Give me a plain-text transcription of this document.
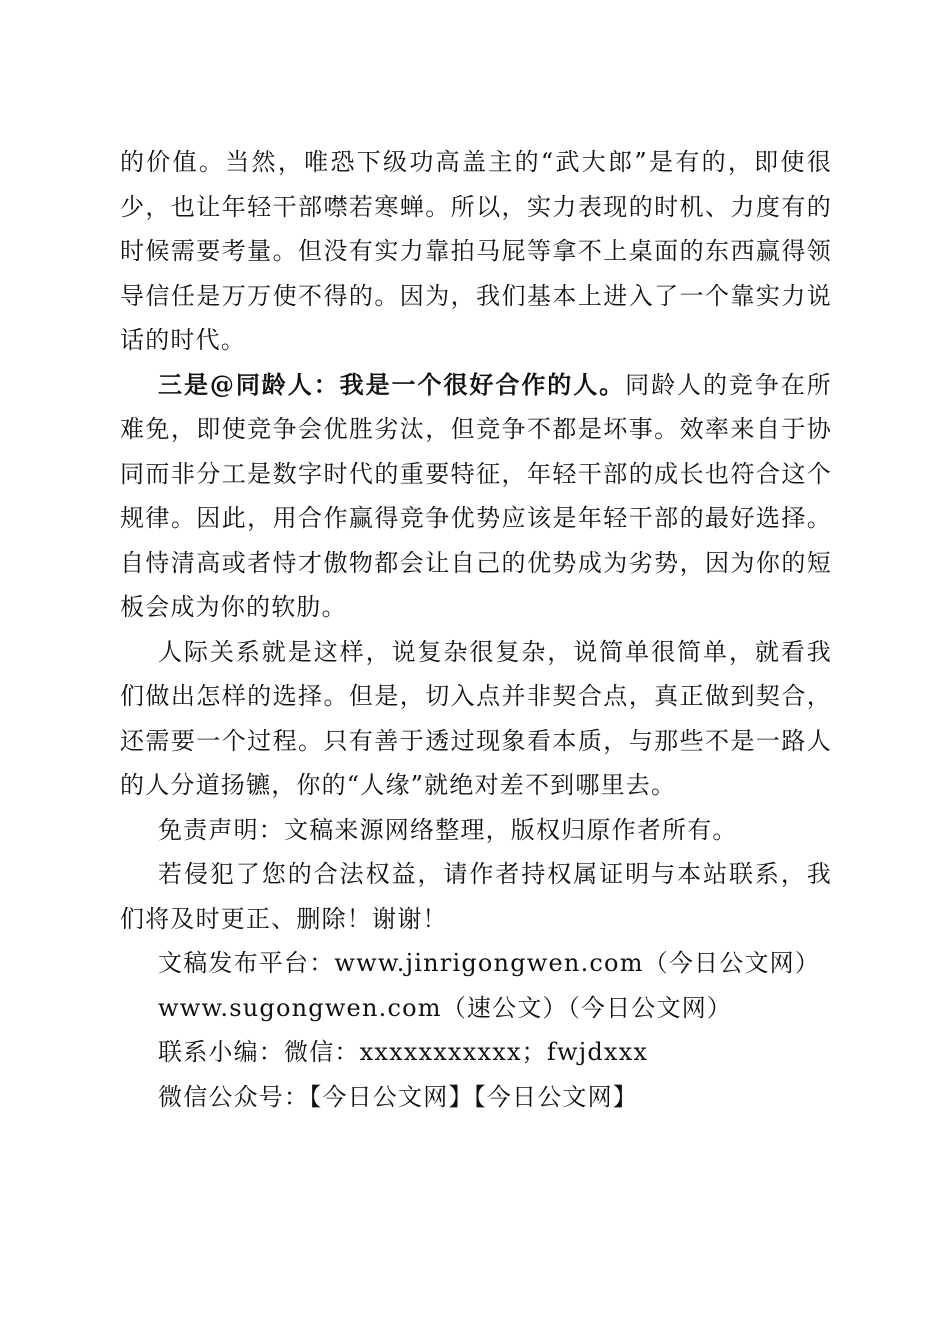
的价值。当然，唯恐下级功高盖主的“武大郎”是有的，即使很少，也让年轻干部噤若寒蝉。所以，实力表现的时机、力度有的时候需要考量。但没有实力靠拍马屁等拿不上桌面的东西赢得领导信任是万万使不得的。因为，我们基本上进入了一个靠实力说话的时代。

三是@同龄人：我是一个很好合作的人。同龄人的竞争在所难免，即使竞争会优胜劣汰，但竞争不都是坏事。效率来自于协同而非分工是数字时代的重要特征，年轻干部的成长也符合这个规律。因此，用合作赢得竞争优势应该是年轻干部的最好选择。自恃清高或者恃才傲物都会让自己的优势成为劣势，因为你的短板会成为你的软肋。

人际关系就是这样，说复杂很复杂，说简单很简单，就看我们做出怎样的选择。但是，切入点并非契合点，真正做到契合，还需要一个过程。只有善于透过现象看本质，与那些不是一路人的人分道扬镳，你的“人缘”就绝对差不到哪里去。

免责声明：文稿来源网络整理，版权归原作者所有。

若侵犯了您的合法权益，请作者持权属证明与本站联系，我们将及时更正、删除！谢谢！

文稿发布平台：www.jinrigongwen.com（今日公文网）

www.sugongwen.com（速公文）（今日公文网）

联系小编：微信：xxxxxxxxxxx；fwjdxxx

微信公众号：【今日公文网】【今日公文网】
